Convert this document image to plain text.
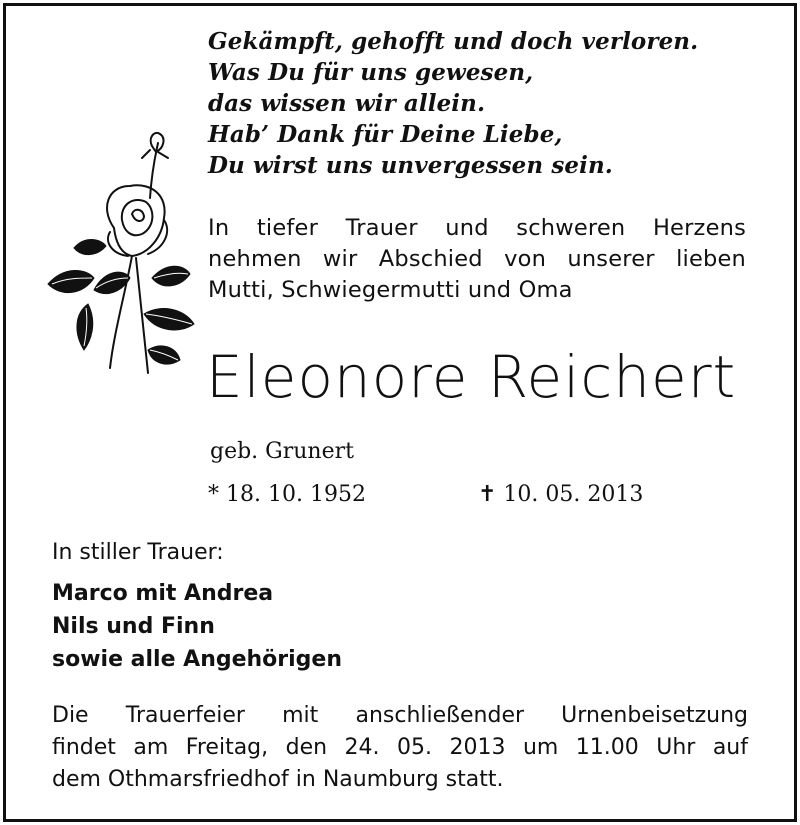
Gekämpft, gehofft und doch verloren.
Was Du für uns gewesen,
das wissen wir allein.
Hab’ Dank für Deine Liebe,
Du wirst uns unvergessen sein.
In tiefer Trauer und schweren Herzens
nehmen wir Abschied von unserer lieben
Mutti, Schwiegermutti und Oma
Eleonore Reichert
geb. Grunert
* 18. 10. 1952	✝ 10. 05. 2013
In stiller Trauer:
Marco mit Andrea
Nils und Finn
sowie alle Angehörigen
Die Trauerfeier mit anschließender Urnenbeisetzung
findet am Freitag, den 24. 05. 2013 um 11.00 Uhr auf
dem Othmarsfriedhof in Naumburg statt.
